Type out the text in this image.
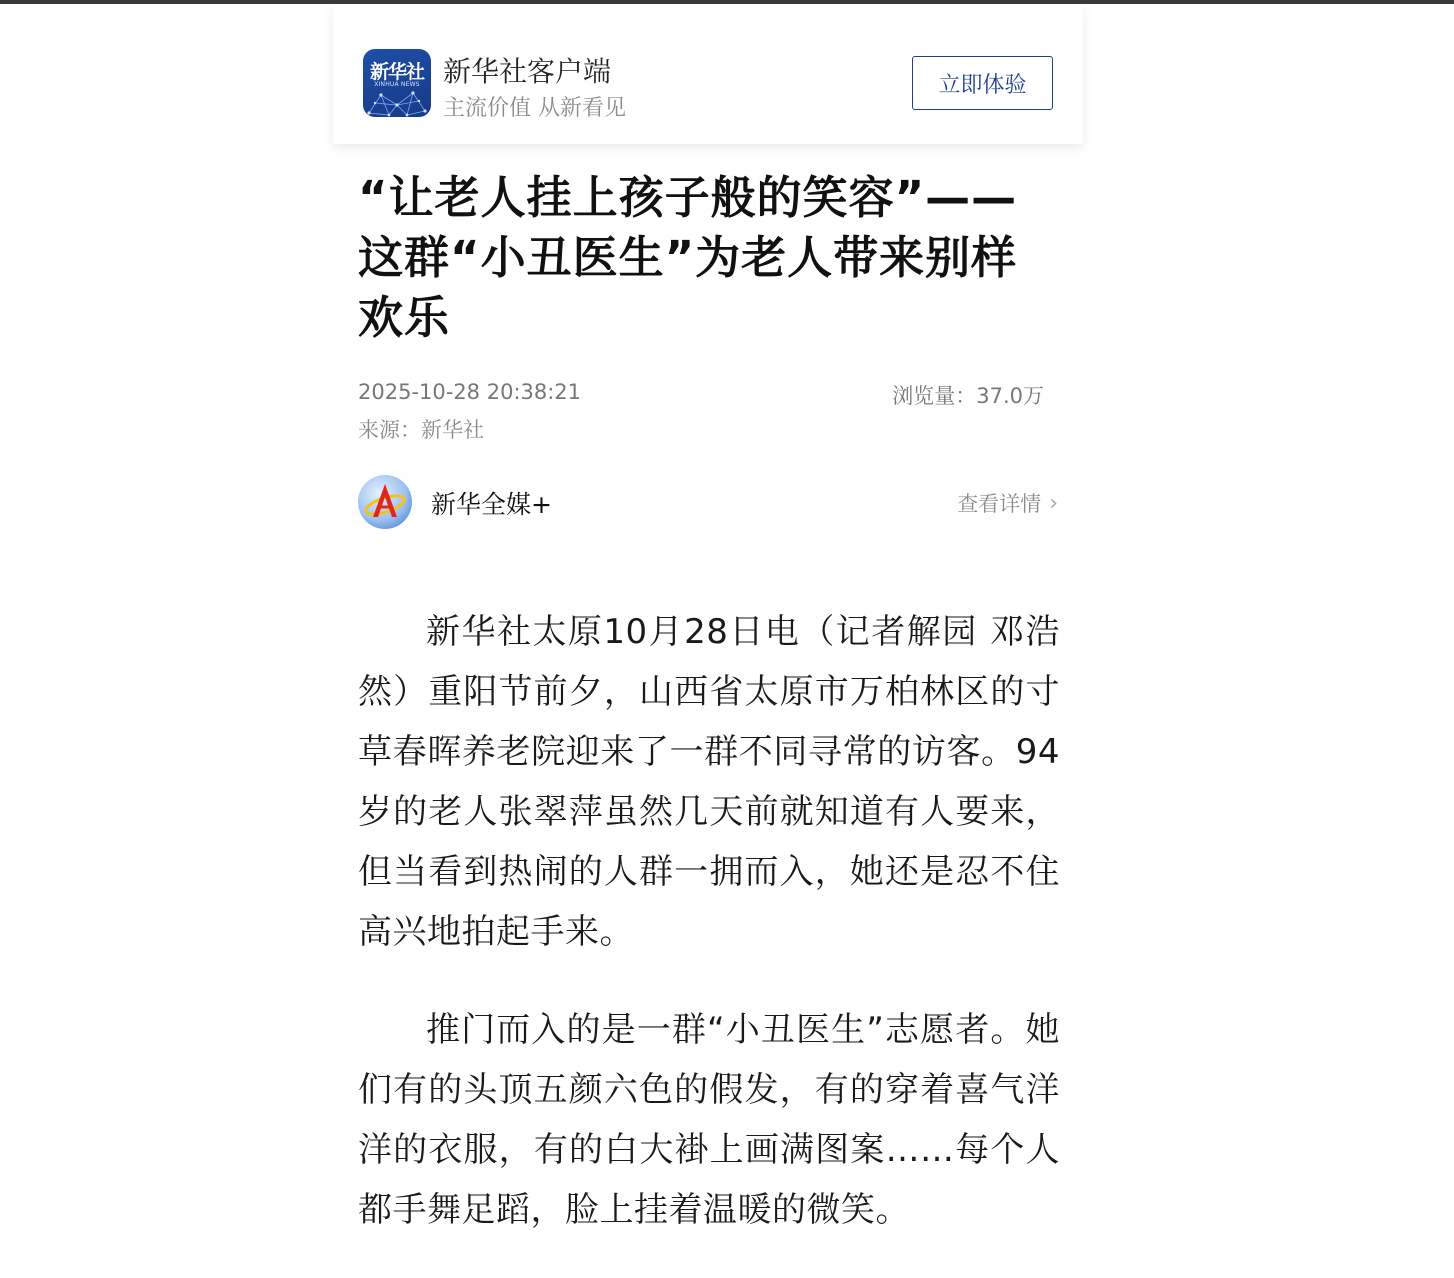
新华社
XINHUA NEWS 新华社客户端
主流价值 从新看见
立即体验
“让老人挂上孩子般的笑容”——这群“小丑医生”为老人带来别样欢乐
2025-10-28 20:38:21	浏览量：37.0万
来源：新华社
新华全媒+	查看详情 ›

新华社太原10月28日电（记者解园 邓浩然）重阳节前夕，山西省太原市万柏林区的寸草春晖养老院迎来了一群不同寻常的访客。94岁的老人张翠萍虽然几天前就知道有人要来，但当看到热闹的人群一拥而入，她还是忍不住高兴地拍起手来。

推门而入的是一群“小丑医生”志愿者。她们有的头顶五颜六色的假发，有的穿着喜气洋洋的衣服，有的白大褂上画满图案……每个人都手舞足蹈，脸上挂着温暖的微笑。
